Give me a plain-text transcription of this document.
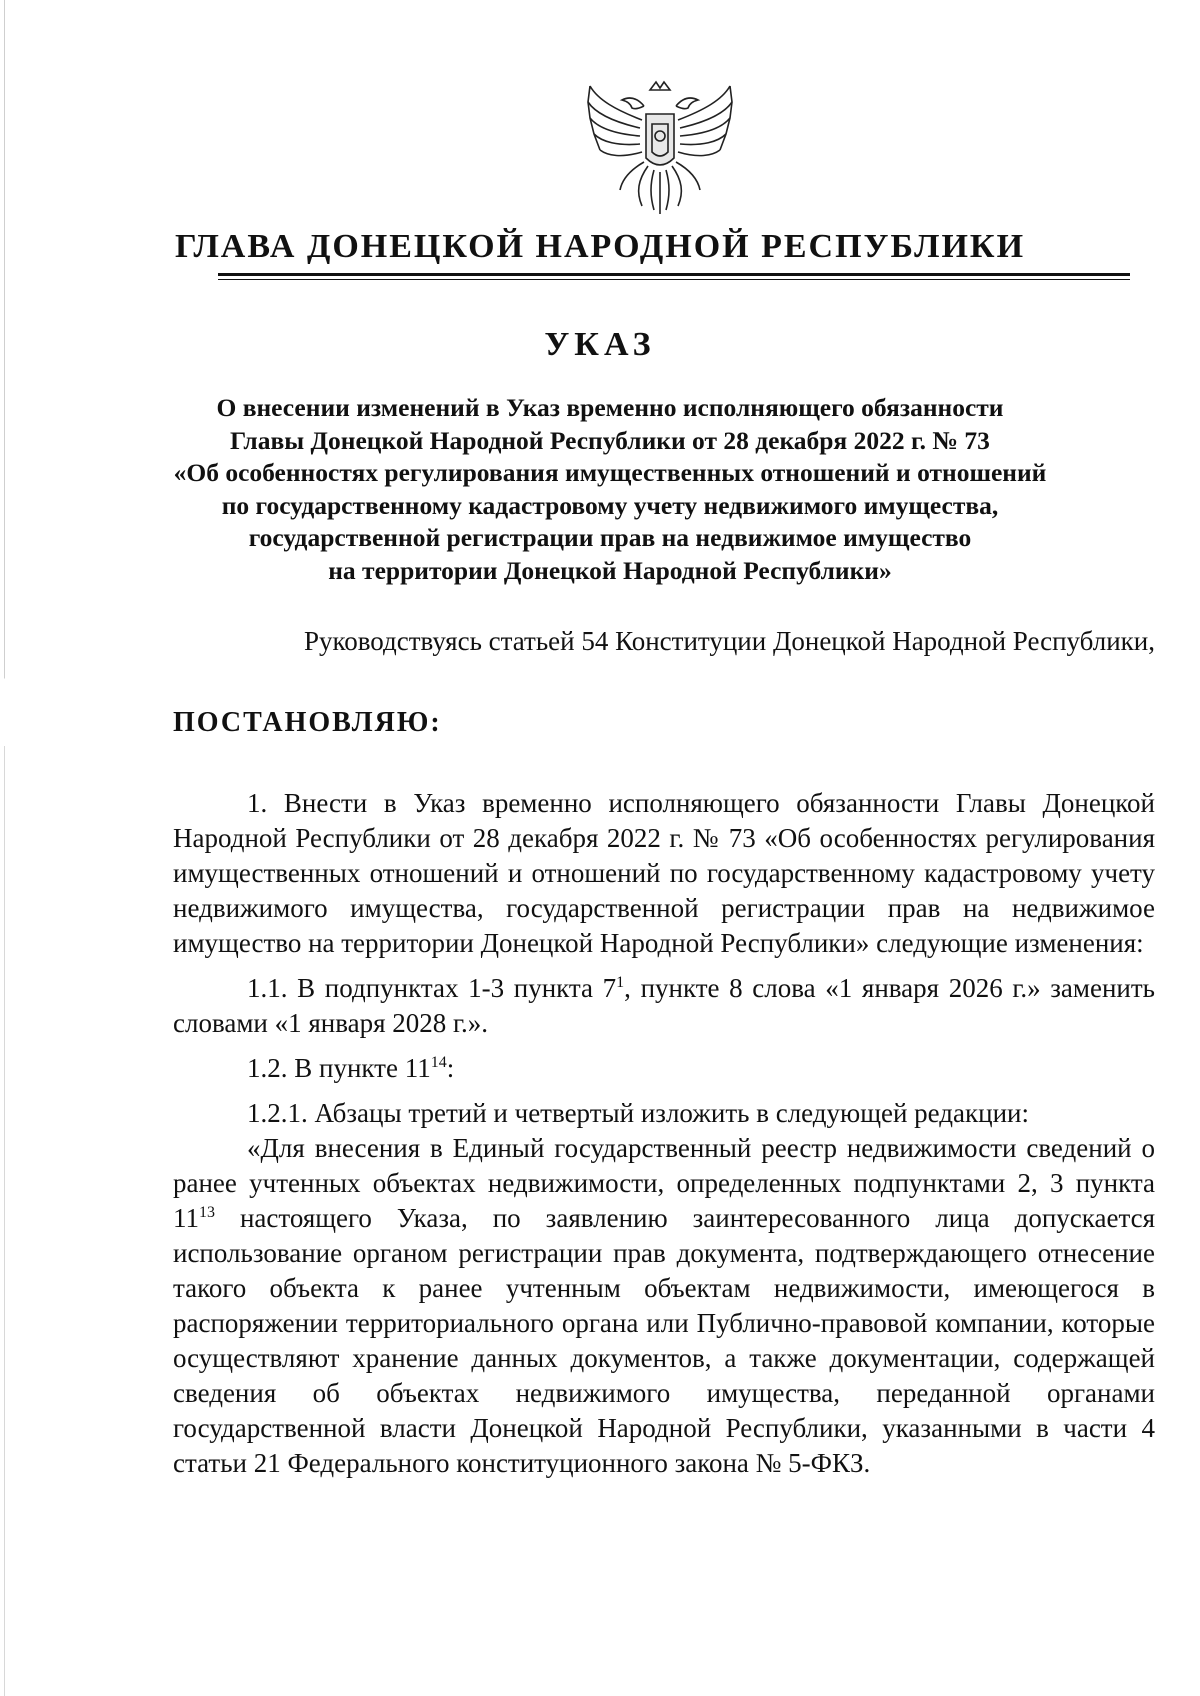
ГЛАВА ДОНЕЦКОЙ НАРОДНОЙ РЕСПУБЛИКИ
УКАЗ
О внесении изменений в Указ временно исполняющего обязанности
Главы Донецкой Народной Республики от 28 декабря 2022 г. № 73
«Об особенностях регулирования имущественных отношений и отношений
по государственному кадастровому учету недвижимого имущества,
государственной регистрации прав на недвижимое имущество
на территории Донецкой Народной Республики»

Руководствуясь статьей 54 Конституции Донецкой Народной Республики,

ПОСТАНОВЛЯЮ:

1. Внести в Указ временно исполняющего обязанности Главы Донецкой Народной Республики от 28 декабря 2022 г. № 73 «Об особенностях регулирования имущественных отношений и отношений по государственному кадастровому учету недвижимого имущества, государственной регистрации прав на недвижимое имущество на территории Донецкой Народной Республики» следующие изменения:

1.1. В подпунктах 1-3 пункта $7^1$, пункте 8 слова «1 января 2026 г.» заменить словами «1 января 2028 г.».

1.2. В пункте $11^{14}$:

1.2.1. Абзацы третий и четвертый изложить в следующей редакции:

«Для внесения в Единый государственный реестр недвижимости сведений о ранее учтенных объектах недвижимости, определенных подпунктами 2, 3 пункта $11^{13}$ настоящего Указа, по заявлению заинтересованного лица допускается использование органом регистрации прав документа, подтверждающего отнесение такого объекта к ранее учтенным объектам недвижимости, имеющегося в распоряжении территориального органа или Публично-правовой компании, которые осуществляют хранение данных документов, а также документации, содержащей сведения об объектах недвижимого имущества, переданной органами государственной власти Донецкой Народной Республики, указанными в части 4 статьи 21 Федерального конституционного закона № 5-ФКЗ.
